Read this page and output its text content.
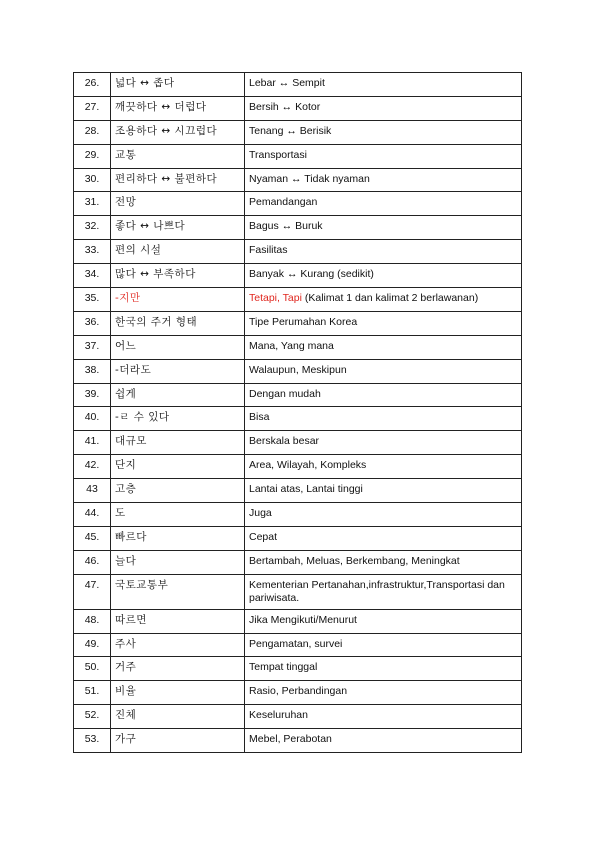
26.	넓다 ↔ 좁다	Lebar ↔ Sempit
27.	깨끗하다 ↔ 더럽다	Bersih ↔ Kotor
28.	조용하다 ↔ 시끄럽다	Tenang ↔ Berisik
29.	교통	Transportasi
30.	편리하다 ↔ 불편하다	Nyaman ↔ Tidak nyaman
31.	전망	Pemandangan
32.	좋다 ↔ 나쁘다	Bagus ↔ Buruk
33.	편의 시설	Fasilitas
34.	많다 ↔ 부족하다	Banyak ↔ Kurang (sedikit)
35.	-지만	Tetapi, Tapi (Kalimat 1 dan kalimat 2 berlawanan)
36.	한국의 주거 형태	Tipe Perumahan Korea
37.	어느	Mana, Yang mana
38.	-더라도	Walaupun, Meskipun
39.	쉽게	Dengan mudah
40.	-ㄹ 수 있다	Bisa
41.	대규모	Berskala besar
42.	단지	Area, Wilayah, Kompleks
43	고층	Lantai atas, Lantai tinggi
44.	도	Juga
45.	빠르다	Cepat
46.	늘다	Bertambah, Meluas, Berkembang, Meningkat
47.	국토교통부	Kementerian Pertanahan,infrastruktur,Transportasi dan pariwisata.
48.	따르면	Jika Mengikuti/Menurut
49.	주사	Pengamatan, survei
50.	거주	Tempat tinggal
51.	비율	Rasio, Perbandingan
52.	진체	Keseluruhan
53.	가구	Mebel, Perabotan
